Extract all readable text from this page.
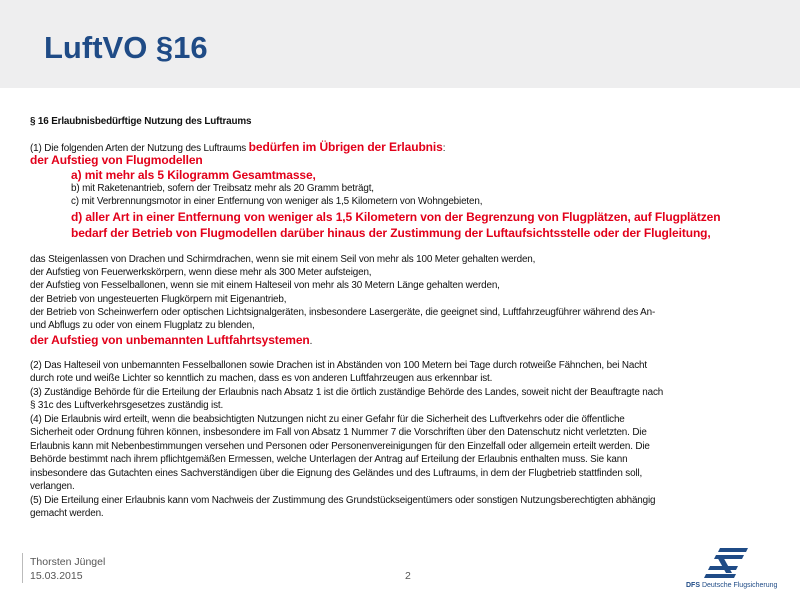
LuftVO §16
§ 16 Erlaubnisbedürftige Nutzung des Luftraums
(1) Die folgenden Arten der Nutzung des Luftraums bedürfen im Übrigen der Erlaubnis:
der Aufstieg von Flugmodellen
a) mit mehr als 5 Kilogramm Gesamtmasse,
b) mit Raketenantrieb, sofern der Treibsatz mehr als 20 Gramm beträgt,
c) mit Verbrennungsmotor in einer Entfernung von weniger als 1,5 Kilometern von Wohngebieten,
d) aller Art in einer Entfernung von weniger als 1,5 Kilometern von der Begrenzung von Flugplätzen, auf Flugplätzen
bedarf der Betrieb von Flugmodellen darüber hinaus der Zustimmung der Luftaufsichtsstelle oder der Flugleitung,
das Steigenlassen von Drachen und Schirmdrachen, wenn sie mit einem Seil von mehr als 100 Meter gehalten werden,
der Aufstieg von Feuerwerkskörpern, wenn diese mehr als 300 Meter aufsteigen,
der Aufstieg von Fesselballonen, wenn sie mit einem Halteseil von mehr als 30 Metern Länge gehalten werden,
der Betrieb von ungesteuerten Flugkörpern mit Eigenantrieb,
der Betrieb von Scheinwerfern oder optischen Lichtsignalgeräten, insbesondere Lasergeräte, die geeignet sind, Luftfahrzeugführer während des An-
und Abflugs zu oder von einem Flugplatz zu blenden,
der Aufstieg von unbemannten Luftfahrtsystemen.
(2) Das Halteseil von unbemannten Fesselballonen sowie Drachen ist in Abständen von 100 Metern bei Tage durch rotweiße Fähnchen, bei Nacht
durch rote und weiße Lichter so kenntlich zu machen, dass es von anderen Luftfahrzeugen aus erkennbar ist.
(3) Zuständige Behörde für die Erteilung der Erlaubnis nach Absatz 1 ist die örtlich zuständige Behörde des Landes, soweit nicht der Beauftragte nach
§ 31c des Luftverkehrsgesetzes zuständig ist.
(4) Die Erlaubnis wird erteilt, wenn die beabsichtigten Nutzungen nicht zu einer Gefahr für die Sicherheit des Luftverkehrs oder die öffentliche
Sicherheit oder Ordnung führen können, insbesondere im Fall von Absatz 1 Nummer 7 die Vorschriften über den Datenschutz nicht verletzten. Die
Erlaubnis kann mit Nebenbestimmungen versehen und Personen oder Personenvereinigungen für den Einzelfall oder allgemein erteilt werden. Die
Behörde bestimmt nach ihrem pflichtgemäßen Ermessen, welche Unterlagen der Antrag auf Erteilung der Erlaubnis enthalten muss. Sie kann
insbesondere das Gutachten eines Sachverständigen über die Eignung des Geländes und des Luftraums, in dem der Flugbetrieb stattfinden soll,
verlangen.
(5) Die Erteilung einer Erlaubnis kann vom Nachweis der Zustimmung des Grundstückseigentümers oder sonstigen Nutzungsberechtigten abhängig
gemacht werden.
Thorsten Jüngel
15.03.2015	2
DFS Deutsche Flugsicherung
